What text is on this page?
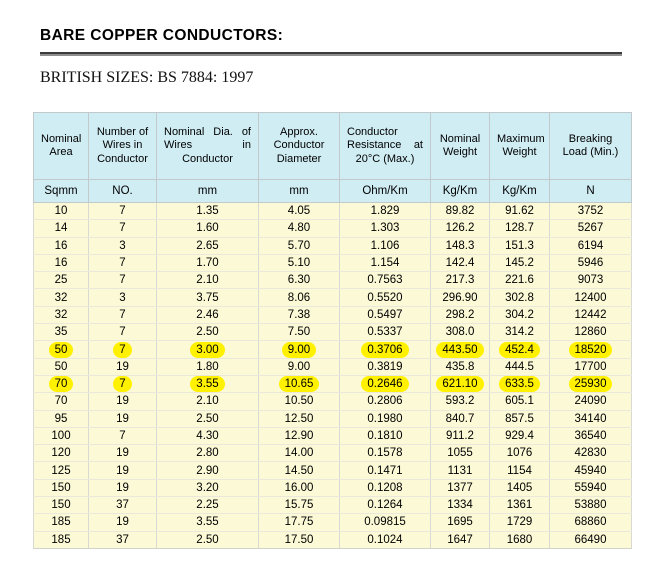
BARE COPPER CONDUCTORS:
BRITISH SIZES: BS 7884: 1997
Nominal Area	Number of Wires in Conductor	Nominal Dia. of Wires in Conductor	Approx. Conductor Diameter	Conductor Resistance at 20°C (Max.)	Nominal Weight	Maximum Weight	Breaking Load (Min.)
Sqmm	NO.	mm	mm	Ohm/Km	Kg/Km	Kg/Km	N
10	7	1.35	4.05	1.829	89.82	91.62	3752
14	7	1.60	4.80	1.303	126.2	128.7	5267
16	3	2.65	5.70	1.106	148.3	151.3	6194
16	7	1.70	5.10	1.154	142.4	145.2	5946
25	7	2.10	6.30	0.7563	217.3	221.6	9073
32	3	3.75	8.06	0.5520	296.90	302.8	12400
32	7	2.46	7.38	0.5497	298.2	304.2	12442
35	7	2.50	7.50	0.5337	308.0	314.2	12860
50	7	3.00	9.00	0.3706	443.50	452.4	18520
50	19	1.80	9.00	0.3819	435.8	444.5	17700
70	7	3.55	10.65	0.2646	621.10	633.5	25930
70	19	2.10	10.50	0.2806	593.2	605.1	24090
95	19	2.50	12.50	0.1980	840.7	857.5	34140
100	7	4.30	12.90	0.1810	911.2	929.4	36540
120	19	2.80	14.00	0.1578	1055	1076	42830
125	19	2.90	14.50	0.1471	1131	1154	45940
150	19	3.20	16.00	0.1208	1377	1405	55940
150	37	2.25	15.75	0.1264	1334	1361	53880
185	19	3.55	17.75	0.09815	1695	1729	68860
185	37	2.50	17.50	0.1024	1647	1680	66490
